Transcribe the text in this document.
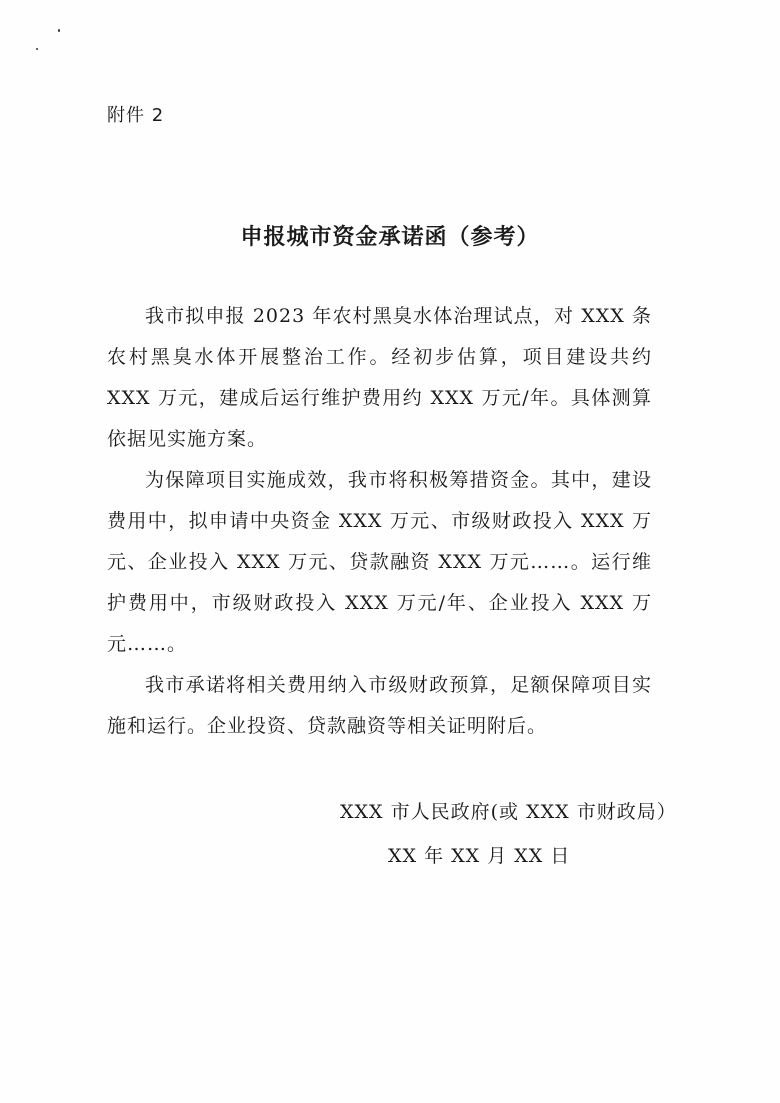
附件 2
申报城市资金承诺函（参考）

我市拟申报 2023 年农村黑臭水体治理试点，对 XXX 条农村黑臭水体开展整治工作。经初步估算，项目建设共约 XXX 万元，建成后运行维护费用约 XXX 万元/年。具体测算依据见实施方案。

为保障项目实施成效，我市将积极筹措资金。其中，建设费用中，拟申请中央资金 XXX 万元、市级财政投入 XXX 万元、企业投入 XXX 万元、贷款融资 XXX 万元……。运行维护费用中，市级财政投入 XXX 万元/年、企业投入 XXX 万元……。

我市承诺将相关费用纳入市级财政预算，足额保障项目实施和运行。企业投资、贷款融资等相关证明附后。

XXX 市人民政府(或 XXX 市财政局）
XX 年 XX 月 XX 日
